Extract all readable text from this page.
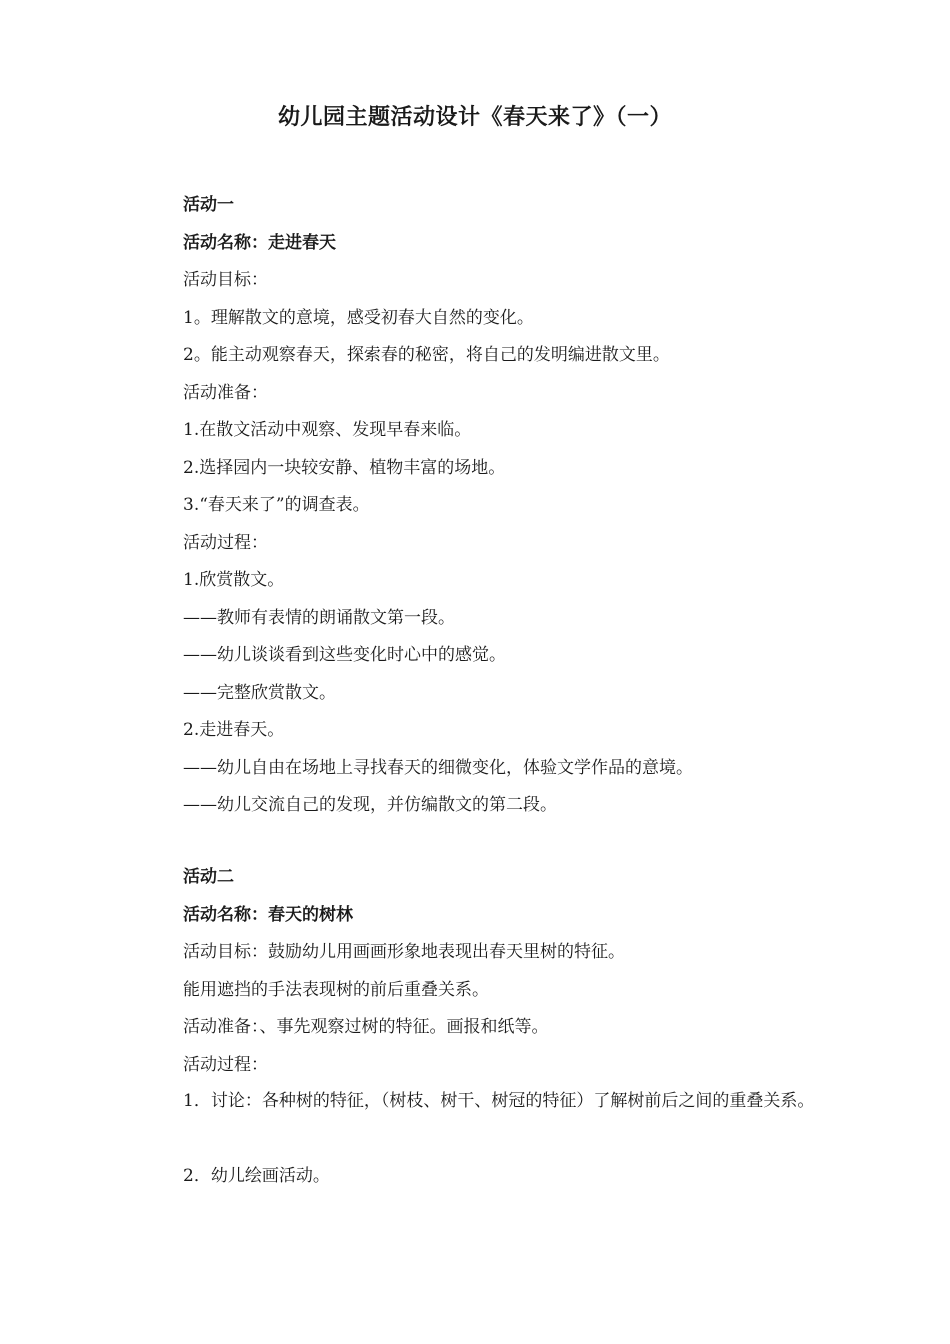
幼儿园主题活动设计《春天来了》（一）
活动一
活动名称：走进春天
活动目标：
1。理解散文的意境，感受初春大自然的变化。
2。能主动观察春天，探索春的秘密，将自己的发明编进散文里。
活动准备：
1.在散文活动中观察、发现早春来临。
2.选择园内一块较安静、植物丰富的场地。
3.“春天来了”的调查表。
活动过程：
1.欣赏散文。
——教师有表情的朗诵散文第一段。
——幼儿谈谈看到这些变化时心中的感觉。
——完整欣赏散文。
2.走进春天。
——幼儿自由在场地上寻找春天的细微变化，体验文学作品的意境。
——幼儿交流自己的发现，并仿编散文的第二段。
活动二
活动名称：春天的树林
活动目标：鼓励幼儿用画画形象地表现出春天里树的特征。
能用遮挡的手法表现树的前后重叠关系。
活动准备：、事先观察过树的特征。画报和纸等。
活动过程：
1．讨论：各种树的特征，（树枝、树干、树冠的特征）了解树前后之间的重叠关系。
2．幼儿绘画活动。
